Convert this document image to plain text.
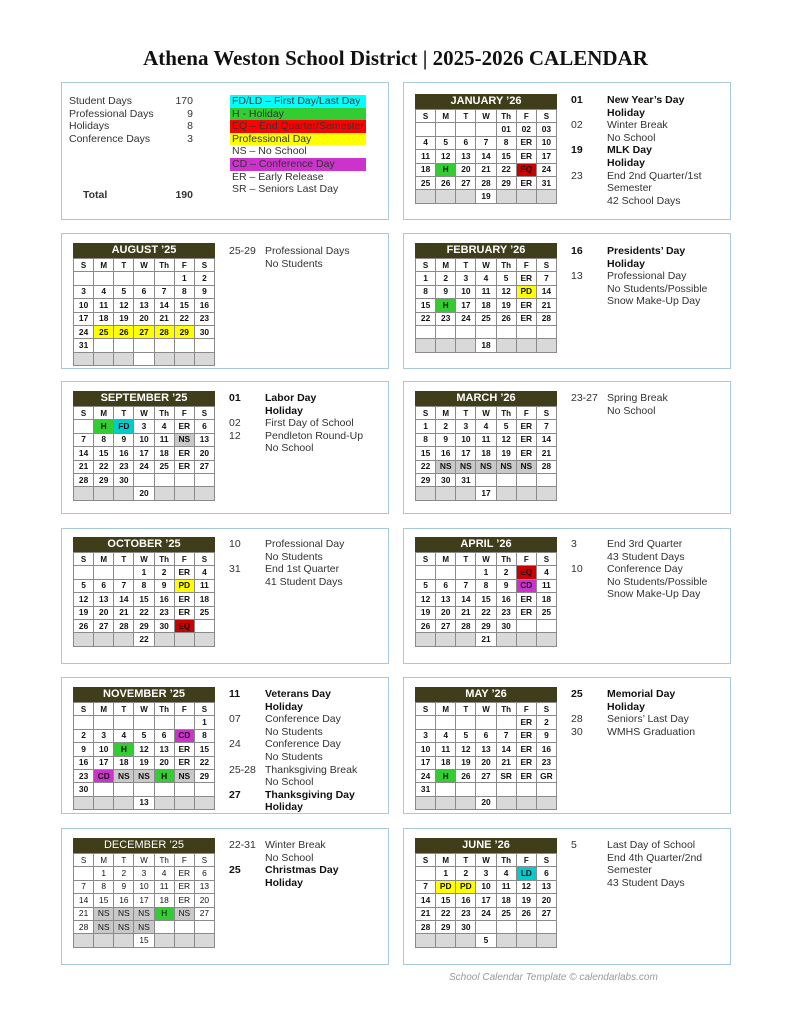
Athena Weston School District | 2025-2026 CALENDAR
Student Days	170
Professional Days	9
Holidays	8
Conference Days	3
Total	190
FD/LD – First Day/Last Day
H - Holiday
EQ – End Quarter/Semester
Professional Day
NS – No School
CD – Conference Day
ER – Early Release
SR – Seniors Last Day
JANUARY ’26
S	M	T	W	Th	F	S
				01	02	03
4	5	6	7	8	ER	10
11	12	13	14	15	ER	17
18	H	20	21	22	EQ	24
25	26	27	28	29	ER	31
			19			
01	New Year’s Day
Holiday
02	Winter Break
No School
19	MLK Day
Holiday
23	End 2nd Quarter/1st
Semester
42 School Days
AUGUST ’25
S	M	T	W	Th	F	S
					1	2
3	4	5	6	7	8	9
10	11	12	13	14	15	16
17	18	19	20	21	22	23
24	25	26	27	28	29	30
31						

25-29 Professional Days
No Students
FEBRUARY ’26
S	M	T	W	Th	F	S
1	2	3	4	5	ER	7
8	9	10	11	12	PD	14
15	H	17	18	19	ER	21
22	23	24	25	26	ER	28

			18			
16	Presidents’ Day
Holiday
13	Professional Day
No Students/Possible
Snow Make-Up Day
SEPTEMBER ’25
S	M	T	W	Th	F	S
	H	FD	3	4	ER	6
7	8	9	10	11	NS	13
14	15	16	17	18	ER	20
21	22	23	24	25	ER	27
28	29	30				
			20			
01	Labor Day
Holiday
02	First Day of School
12	Pendleton Round-Up
No School
MARCH ’26
S	M	T	W	Th	F	S
1	2	3	4	5	ER	7
8	9	10	11	12	ER	14
15	16	17	18	19	ER	21
22	NS	NS	NS	NS	NS	28
29	30	31				
			17			
23-27 Spring Break
No School
OCTOBER ’25
S	M	T	W	Th	F	S
			1	2	ER	4
5	6	7	8	9	PD	11
12	13	14	15	16	ER	18
19	20	21	22	23	ER	25
26	27	28	29	30	EQ	
			22			
10	Professional Day
No Students
31	End 1st Quarter
41 Student Days
APRIL ’26
S	M	T	W	Th	F	S
			1	2	EQ	4
5	6	7	8	9	CD	11
12	13	14	15	16	ER	18
19	20	21	22	23	ER	25
26	27	28	29	30		
			21			
3	End 3rd Quarter
43 Student Days
10	Conference Day
No Students/Possible
Snow Make-Up Day
NOVEMBER ’25
S	M	T	W	Th	F	S
						1
2	3	4	5	6	CD	8
9	10	H	12	13	ER	15
16	17	18	19	20	ER	22
23	CD	NS	NS	H	NS	29
30						
			13			
11	Veterans Day
Holiday
07	Conference Day
No Students
24	Conference Day
No Students
25-28 Thanksgiving Break
No School
27	Thanksgiving Day
Holiday
MAY ’26
S	M	T	W	Th	F	S
					ER	2
3	4	5	6	7	ER	9
10	11	12	13	14	ER	16
17	18	19	20	21	ER	23
24	H	26	27	SR	ER	GR
31						
			20			
25	Memorial Day
Holiday
28	Seniors’ Last Day
30	WMHS Graduation
DECEMBER ’25
S	M	T	W	Th	F	S
	1	2	3	4	ER	6
7	8	9	10	11	ER	13
14	15	16	17	18	ER	20
21	NS	NS	NS	H	NS	27
28	NS	NS	NS			
			15			
22-31 Winter Break
No School
25	Christmas Day
Holiday
JUNE ’26
S	M	T	W	Th	F	S
	1	2	3	4	LD	6
7	PD	PD	10	11	12	13
14	15	16	17	18	19	20
21	22	23	24	25	26	27
28	29	30				
			5			
5	Last Day of School
End 4th Quarter/2nd
Semester
43 Student Days
School Calendar Template © calendarlabs.com
